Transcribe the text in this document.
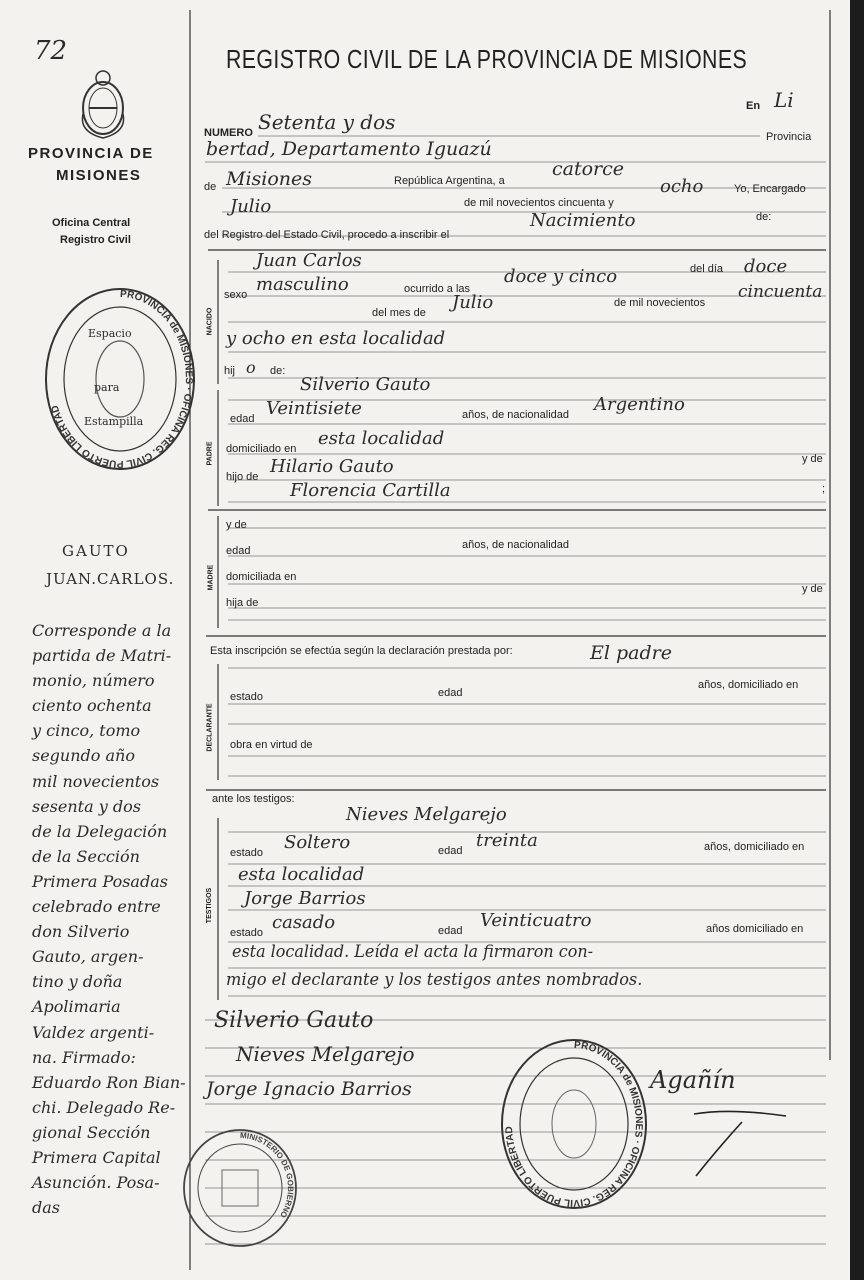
72
PROVINCIA DE
MISIONES
Oficina Central
Registro Civil
PROVINCIA de MISIONES · OFICINA REG. CIVIL PUERTO LIBERTAD
Espacio
para
Estampilla
GAUTO
JUAN.CARLOS.
Corresponde a la
partida de Matri-
monio, número
ciento ochenta
y cinco, tomo
segundo año
mil novecientos
sesenta y dos
de la Delegación
de la Sección
Primera Posadas
celebrado entre
don Silverio
Gauto, argen-
tino y doña
Apolimaria
Valdez argenti-
na. Firmado:
Eduardo Ron Bian-
chi. Delegado Re-
gional Sección
Primera Capital
Asunción. Posa-
das
REGISTRO CIVIL DE LA PROVINCIA DE MISIONES
NUMERO Setenta y dos
En Li
bertad, Departamento Iguazú
Provincia
de Misiones	República Argentina, a
catorce
Julio	de mil novecientos cincuenta y
ocho	Yo, Encargado
del Registro del Estado Civil, procedo a inscribir el
Nacimiento	de:
NACIDO
PADRE
MADRE
DECLARANTE
TESTIGOS
Juan Carlos
sexo masculino	ocurrido a las
doce y cinco	del día doce
del mes de Julio	de mil novecientos
cincuenta
y ocho en esta localidad
hij o de:
Silverio Gauto
edad Veintisiete	años, de nacionalidad Argentino
domiciliado en esta localidad
hijo de Hilario Gauto	y de
Florencia Cartilla	;
y de
edad	años, de nacionalidad
domiciliada en
hija de
y de
Esta inscripción se efectúa según la declaración prestada por:	El padre
estado	edad
años, domiciliado en
obra en virtud de
ante los testigos:
Nieves Melgarejo
estado Soltero	edad treinta	años, domiciliado en
esta localidad
Jorge Barrios
estado casado	edad Veinticuatro	años domiciliado en
esta localidad. Leída el acta la firmaron con-
migo el declarante y los testigos antes nombrados.
Silverio Gauto
Nieves Melgarejo
Jorge Ignacio Barrios	Agañín
PROVINCIA de MISIONES · OFICINA REG. CIVIL PUERTO LIBERTAD
MINISTERIO DE GOBIERNO
